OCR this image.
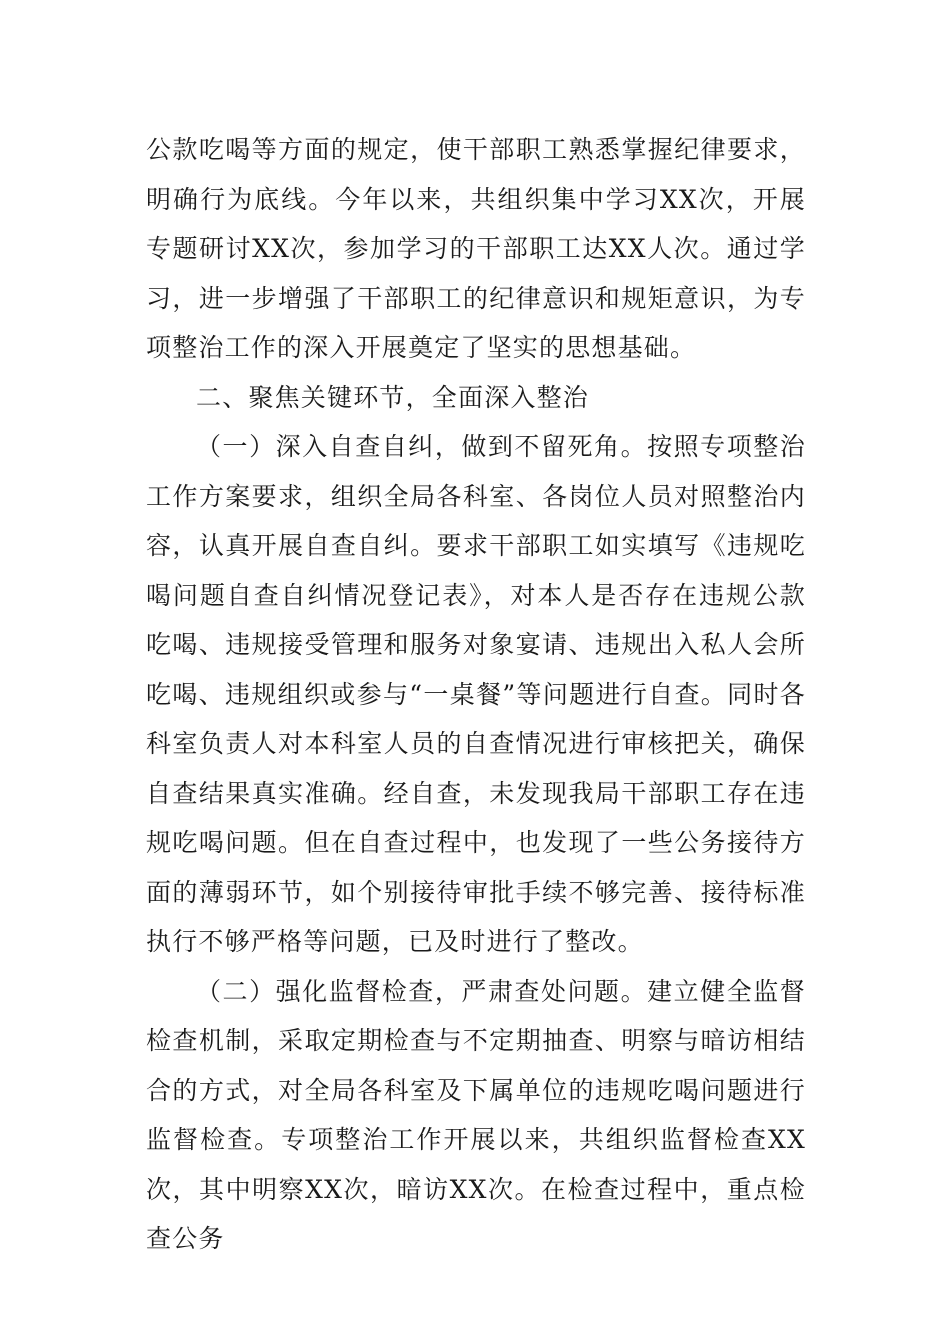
公款吃喝等方面的规定，使干部职工熟悉掌握纪律要求，明确行为底线。今年以来，共组织集中学习XX次，开展专题研讨XX次，参加学习的干部职工达XX人次。通过学习，进一步增强了干部职工的纪律意识和规矩意识，为专项整治工作的深入开展奠定了坚实的思想基础。

二、聚焦关键环节，全面深入整治

（一）深入自查自纠，做到不留死角。按照专项整治工作方案要求，组织全局各科室、各岗位人员对照整治内容，认真开展自查自纠。要求干部职工如实填写《违规吃喝问题自查自纠情况登记表》，对本人是否存在违规公款吃喝、违规接受管理和服务对象宴请、违规出入私人会所吃喝、违规组织或参与“一桌餐”等问题进行自查。同时各科室负责人对本科室人员的自查情况进行审核把关，确保自查结果真实准确。经自查，未发现我局干部职工存在违规吃喝问题。但在自查过程中，也发现了一些公务接待方面的薄弱环节，如个别接待审批手续不够完善、接待标准执行不够严格等问题，已及时进行了整改。

（二）强化监督检查，严肃查处问题。建立健全监督检查机制，采取定期检查与不定期抽查、明察与暗访相结合的方式，对全局各科室及下属单位的违规吃喝问题进行监督检查。专项整治工作开展以来，共组织监督检查XX次，其中明察XX次，暗访XX次。在检查过程中，重点检查公务
